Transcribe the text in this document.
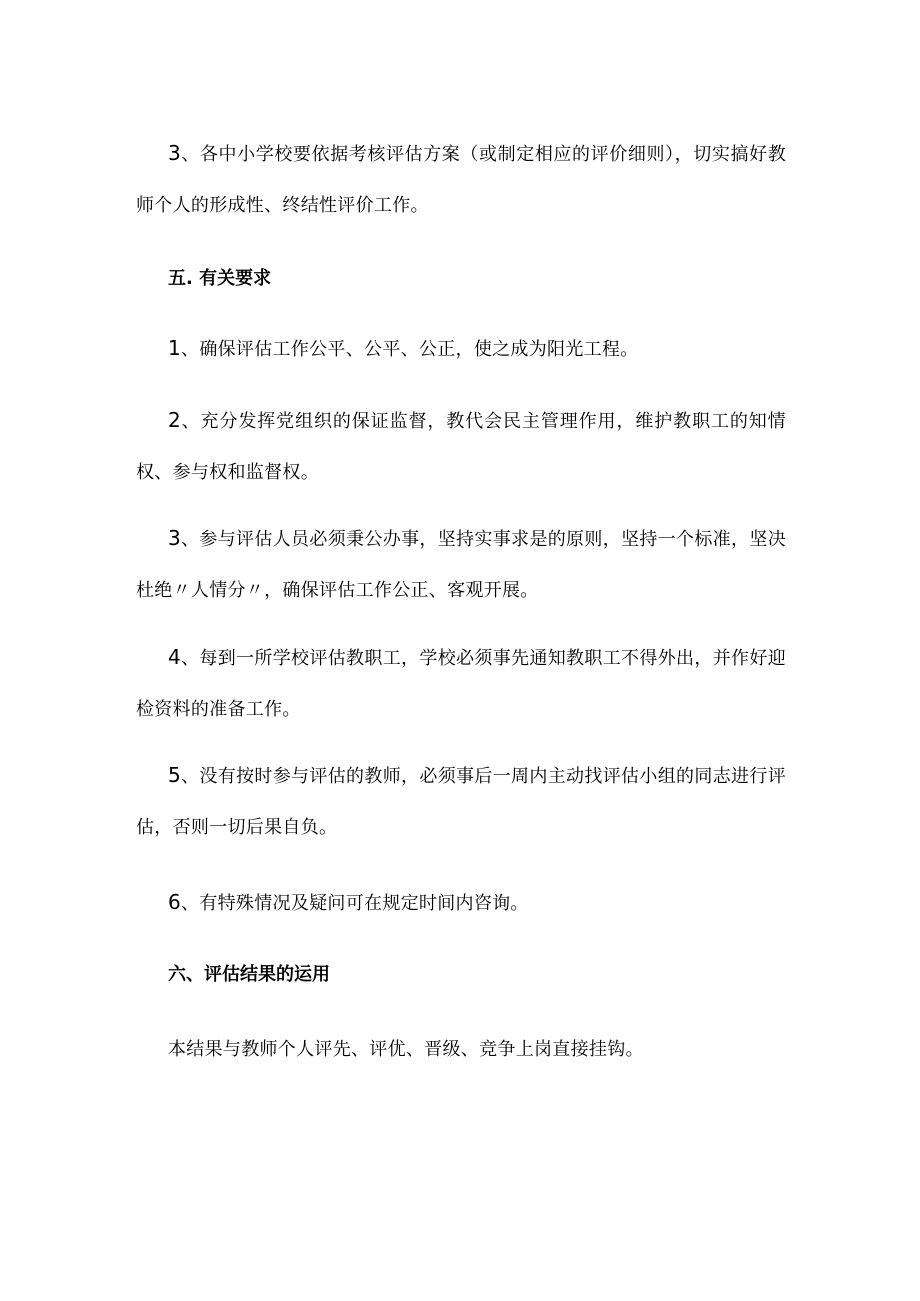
3、各中小学校要依据考核评估方案（或制定相应的评价细则），切实搞好教师个人的形成性、终结性评价工作。

五. 有关要求

1、确保评估工作公平、公平、公正，使之成为阳光工程。

2、充分发挥党组织的保证监督，教代会民主管理作用，维护教职工的知情权、参与权和监督权。

3、参与评估人员必须秉公办事，坚持实事求是的原则，坚持一个标准，坚决杜绝〃人情分〃，确保评估工作公正、客观开展。

4、每到一所学校评估教职工，学校必须事先通知教职工不得外出，并作好迎检资料的准备工作。

5、没有按时参与评估的教师，必须事后一周内主动找评估小组的同志进行评估，否则一切后果自负。

6、有特殊情况及疑问可在规定时间内咨询。

六、评估结果的运用

本结果与教师个人评先、评优、晋级、竞争上岗直接挂钩。
